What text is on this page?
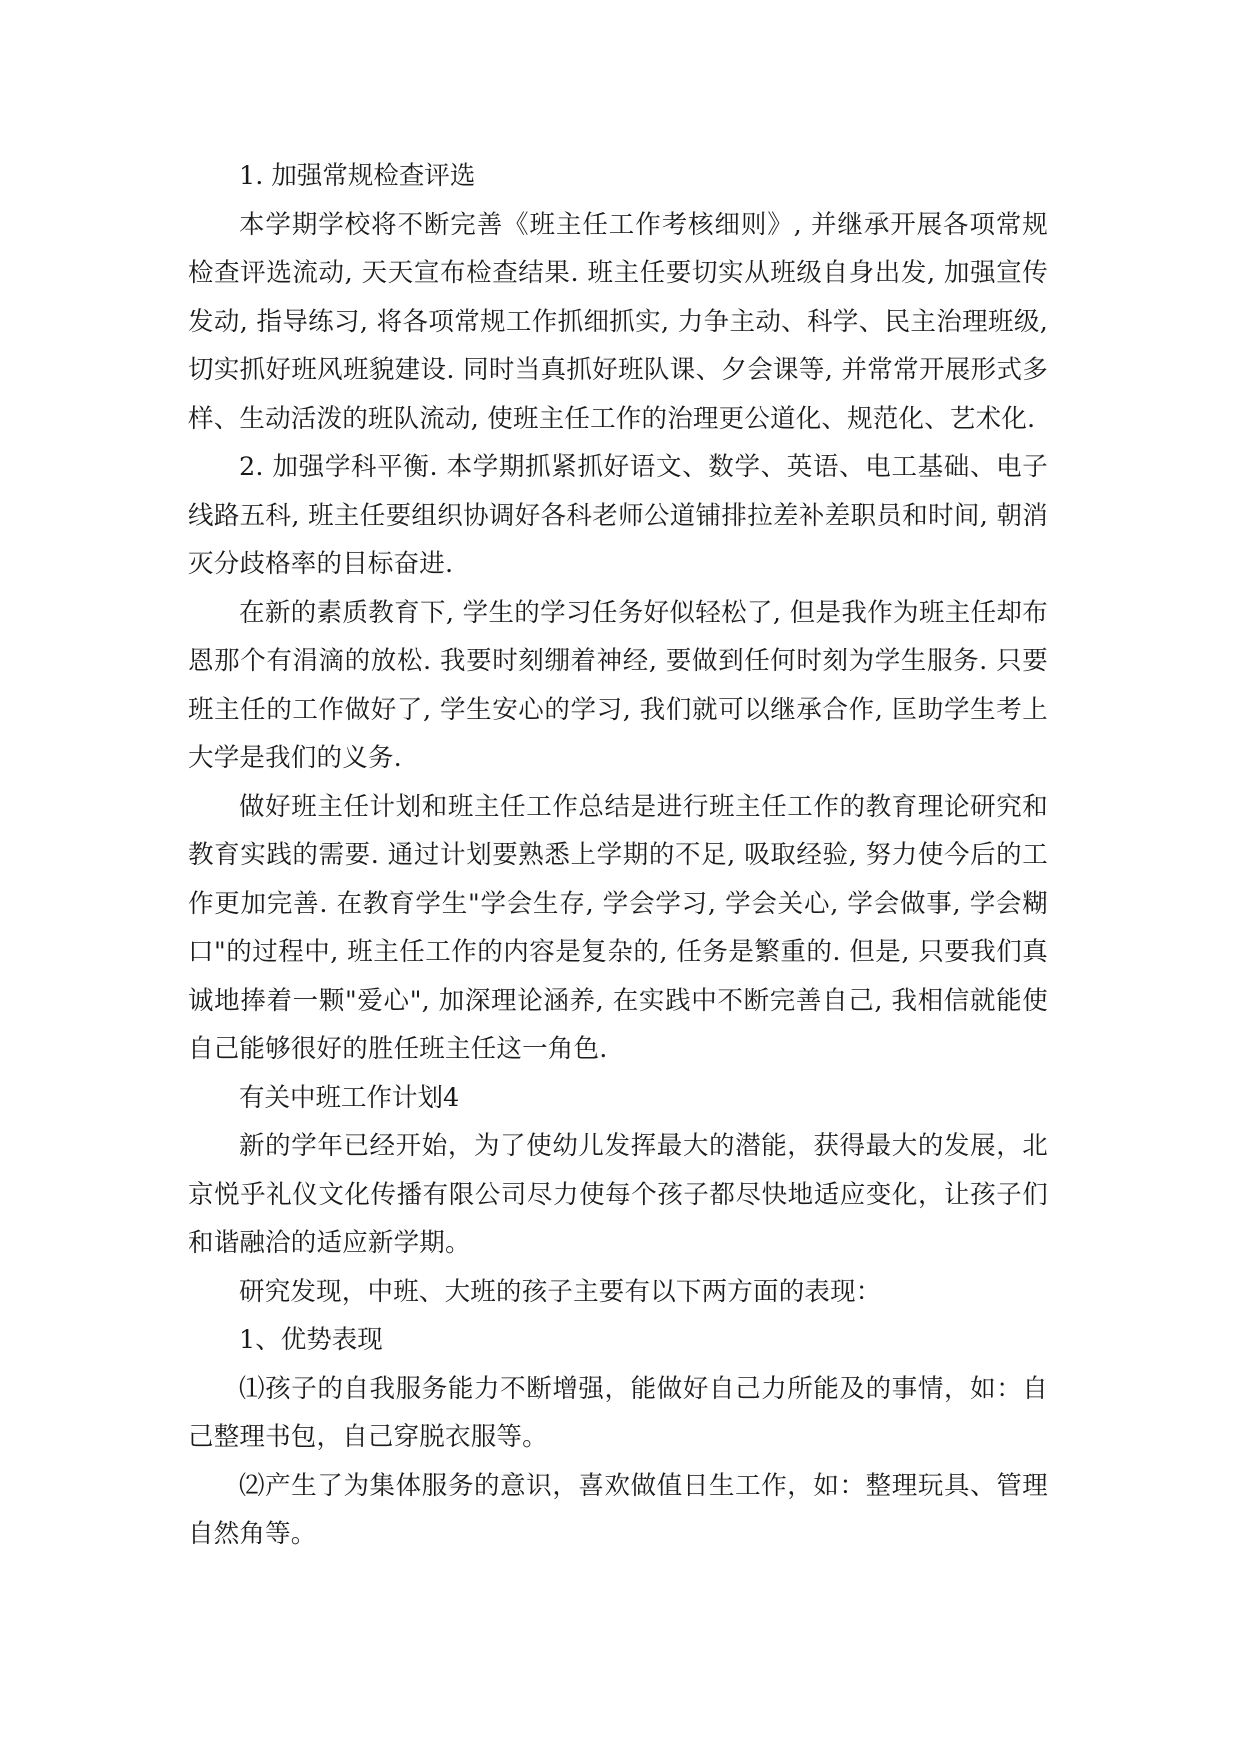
1. 加强常规检查评选

本学期学校将不断完善《班主任工作考核细则》, 并继承开展各项常规检查评选流动, 天天宣布检查结果. 班主任要切实从班级自身出发, 加强宣传发动, 指导练习, 将各项常规工作抓细抓实, 力争主动、科学、民主治理班级, 切实抓好班风班貌建设. 同时当真抓好班队课、夕会课等, 并常常开展形式多样、生动活泼的班队流动, 使班主任工作的治理更公道化、规范化、艺术化.

2. 加强学科平衡. 本学期抓紧抓好语文、数学、英语、电工基础、电子线路五科, 班主任要组织协调好各科老师公道铺排拉差补差职员和时间, 朝消灭分歧格率的目标奋进.

在新的素质教育下, 学生的学习任务好似轻松了, 但是我作为班主任却布恩那个有涓滴的放松. 我要时刻绷着神经, 要做到任何时刻为学生服务. 只要班主任的工作做好了, 学生安心的学习, 我们就可以继承合作, 匡助学生考上大学是我们的义务.

做好班主任计划和班主任工作总结是进行班主任工作的教育理论研究和教育实践的需要. 通过计划要熟悉上学期的不足, 吸取经验, 努力使今后的工作更加完善. 在教育学生"学会生存, 学会学习, 学会关心, 学会做事, 学会糊口"的过程中, 班主任工作的内容是复杂的, 任务是繁重的. 但是, 只要我们真诚地捧着一颗"爱心", 加深理论涵养, 在实践中不断完善自己, 我相信就能使自己能够很好的胜任班主任这一角色.

有关中班工作计划4

新的学年已经开始，为了使幼儿发挥最大的潜能，获得最大的发展，北京悦乎礼仪文化传播有限公司尽力使每个孩子都尽快地适应变化，让孩子们和谐融洽的适应新学期。

研究发现，中班、大班的孩子主要有以下两方面的表现：

1、优势表现

⑴孩子的自我服务能力不断增强，能做好自己力所能及的事情，如：自己整理书包，自己穿脱衣服等。

⑵产生了为集体服务的意识，喜欢做值日生工作，如：整理玩具、管理自然角等。
